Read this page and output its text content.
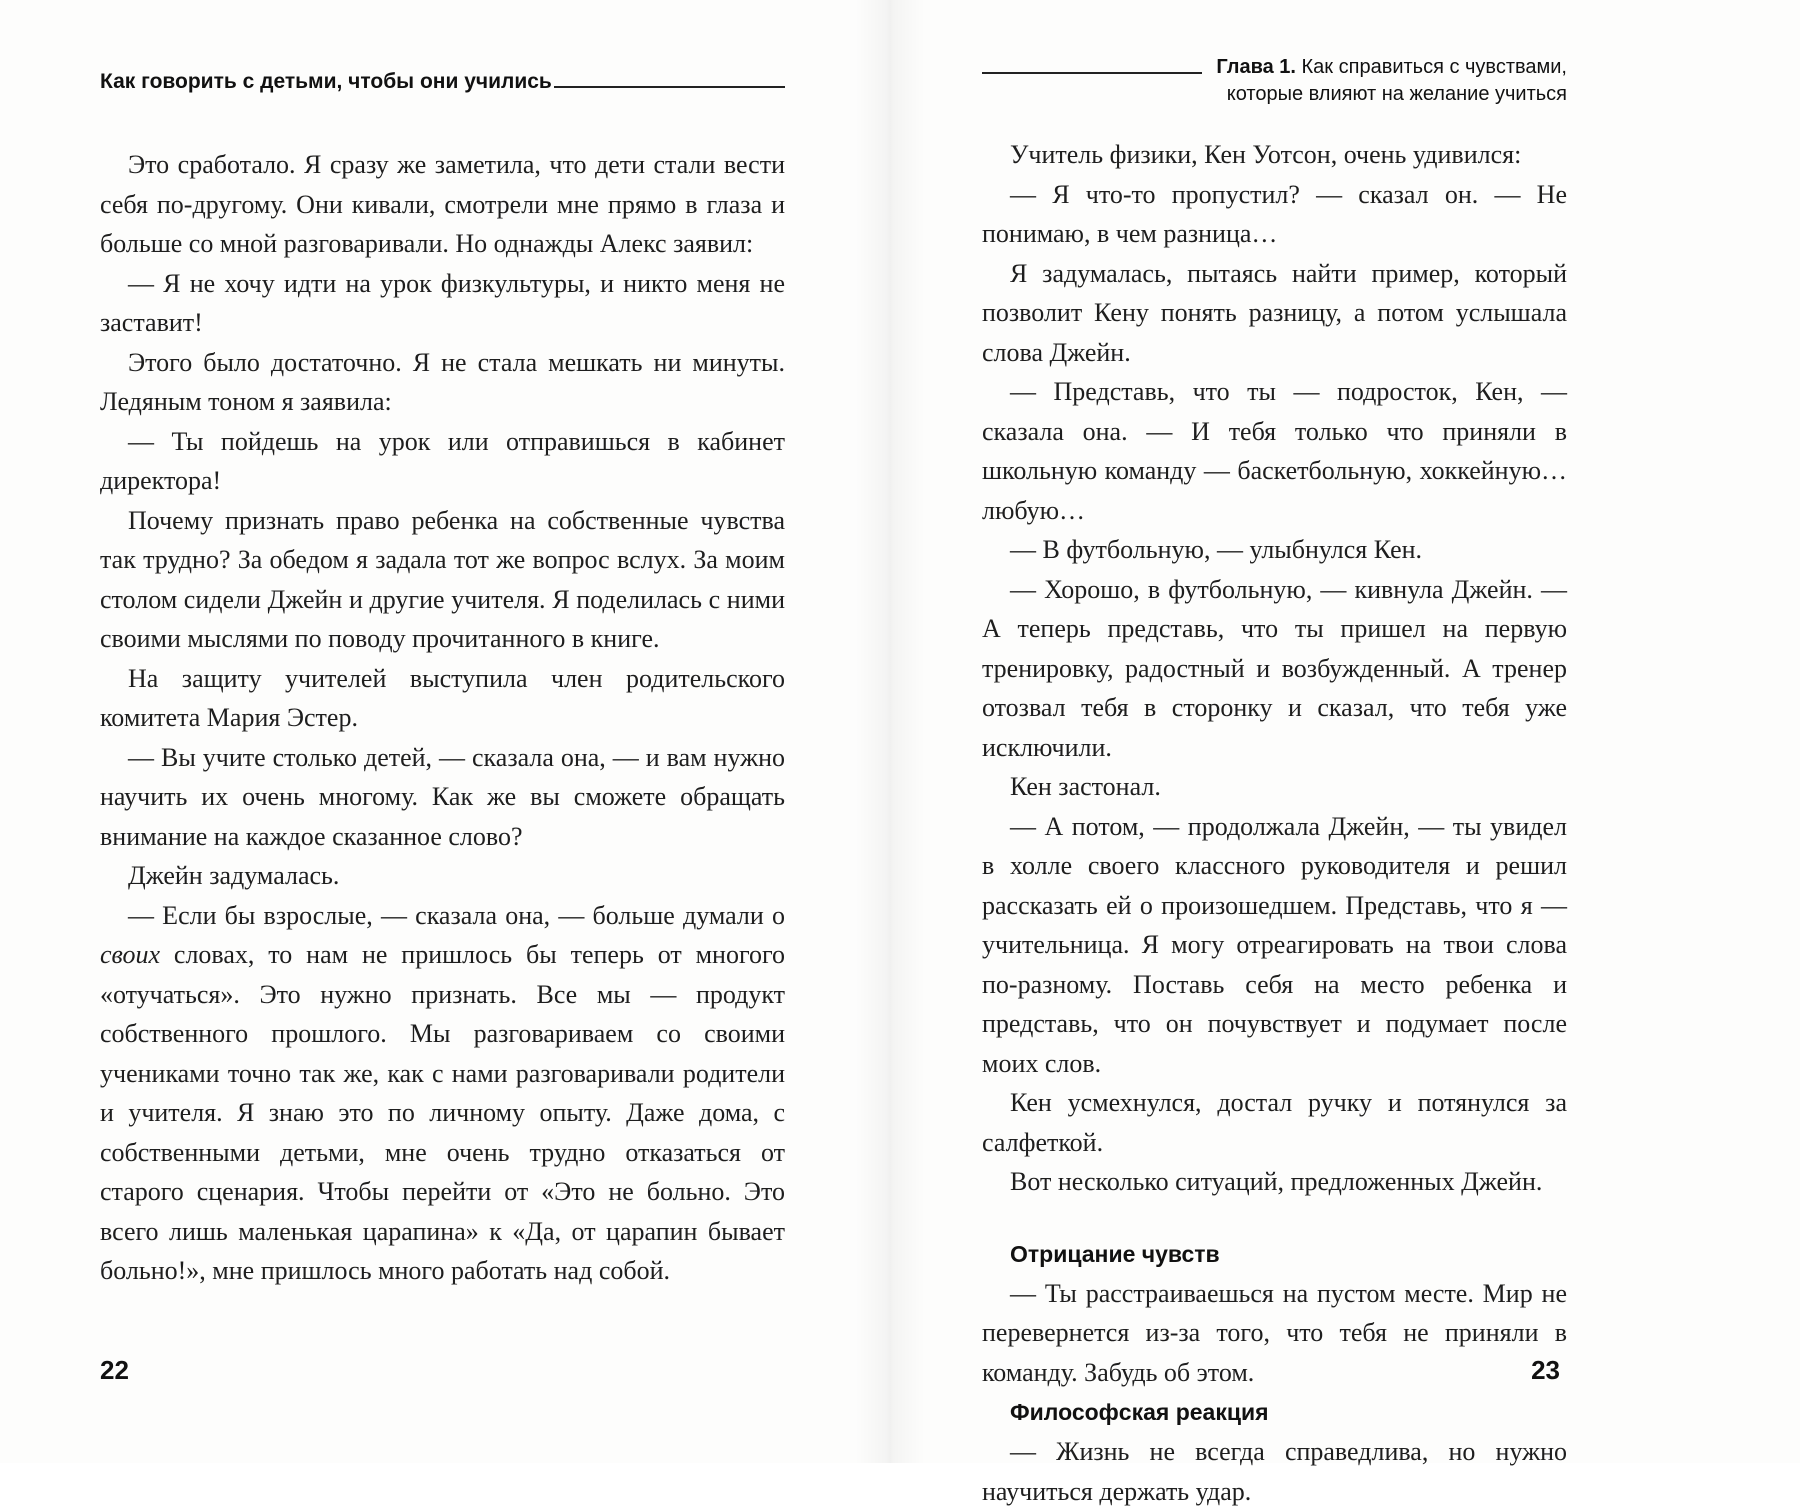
Как говорить с детьми, чтобы они учились

Это сработало. Я сразу же заметила, что дети стали вести себя по-другому. Они кивали, смотрели мне прямо в глаза и больше со мной разговаривали. Но однажды Алекс заявил:

— Я не хочу идти на урок физкультуры, и никто меня не заставит!

Этого было достаточно. Я не стала мешкать ни минуты. Ледяным тоном я заявила:

— Ты пойдешь на урок или отправишься в кабинет директора!

Почему признать право ребенка на собственные чувства так трудно? За обедом я задала тот же вопрос вслух. За моим столом сидели Джейн и другие учителя. Я поделилась с ними своими мыслями по поводу прочитанного в книге.

На защиту учителей выступила член родительского комитета Мария Эстер.

— Вы учите столько детей, — сказала она, — и вам нужно научить их очень многому. Как же вы сможете обращать внимание на каждое сказанное слово?

Джейн задумалась.

— Если бы взрослые, — сказала она, — больше думали о своих словах, то нам не пришлось бы теперь от многого «отучаться». Это нужно признать. Все мы — продукт собственного прошлого. Мы разговариваем со своими учениками точно так же, как с нами разговаривали родители и учителя. Я знаю это по личному опыту. Даже дома, с собственными детьми, мне очень трудно отказаться от старого сценария. Чтобы перейти от «Это не больно. Это всего лишь маленькая царапина» к «Да, от царапин бывает больно!», мне пришлось много работать над собой.

22
Глава 1.
Как справиться с чувствами,
которые влияют на желание учиться

Учитель физики, Кен Уотсон, очень удивился:

— Я что-то пропустил? — сказал он. — Не понимаю, в чем разница…

Я задумалась, пытаясь найти пример, который позволит Кену понять разницу, а потом услышала слова Джейн.

— Представь, что ты — подросток, Кен, — сказала она. — И тебя только что приняли в школьную команду — баскетбольную, хоккейную… любую…

— В футбольную, — улыбнулся Кен.

— Хорошо, в футбольную, — кивнула Джейн. — А теперь представь, что ты пришел на первую тренировку, радостный и возбужденный. А тренер отозвал тебя в сторонку и сказал, что тебя уже исключили.

Кен застонал.

— А потом, — продолжала Джейн, — ты увидел в холле своего классного руководителя и решил рассказать ей о произошедшем. Представь, что я — учительница. Я могу отреагировать на твои слова по-разному. Поставь себя на место ребенка и представь, что он почувствует и подумает после моих слов.

Кен усмехнулся, достал ручку и потянулся за салфеткой.

Вот несколько ситуаций, предложенных Джейн.

Отрицание чувств

— Ты расстраиваешься на пустом месте. Мир не перевернется из-за того, что тебя не приняли в команду. Забудь об этом.

Философская реакция

— Жизнь не всегда справедлива, но нужно научиться держать удар.

23
